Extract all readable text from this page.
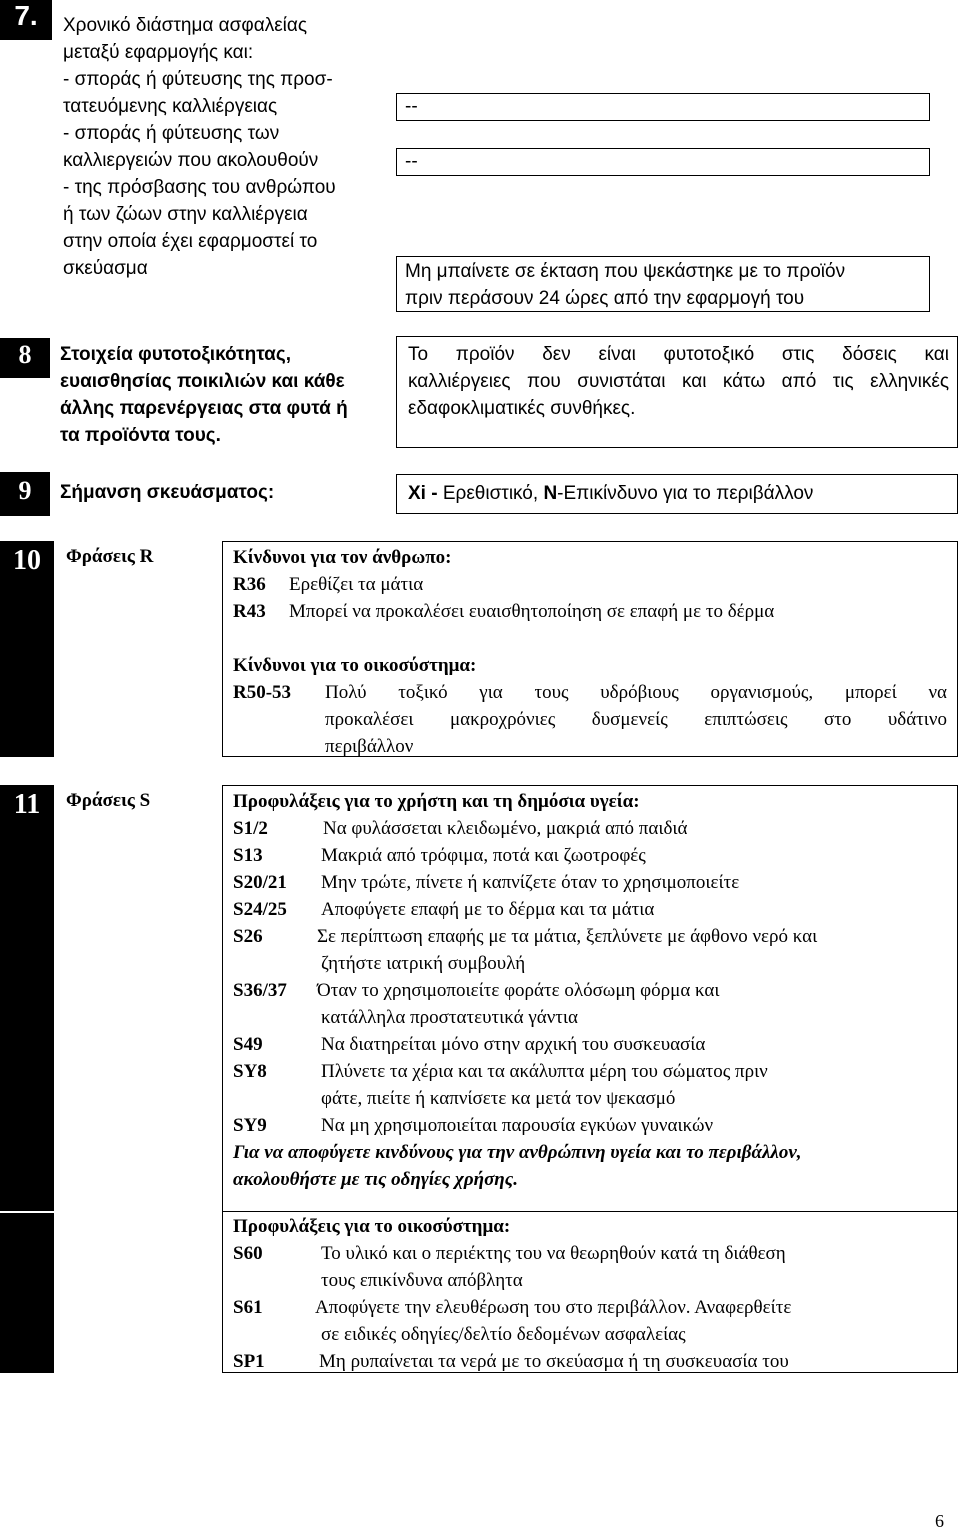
7. Χρονικό διάστημα ασφαλείας
μεταξύ εφαρμογής και:
- σποράς ή φύτευσης της προσ-
τατευόμενης καλλιέργειας
- σποράς ή φύτευσης των
καλλιεργειών που ακολουθούν
- της πρόσβασης του ανθρώπου
ή των ζώων στην καλλιέργεια
στην οποία έχει εφαρμοστεί το
σκεύασμα
--
--
Μη μπαίνετε σε έκταση που ψεκάστηκε με το προϊόν
πριν περάσουν 24 ώρες από την εφαρμογή του
8 Στοιχεία φυτοτοξικότητας,
ευαισθησίας ποικιλιών και κάθε
άλλης παρενέργειας στα φυτά ή
τα προϊόντα τους.
Το προϊόν δεν είναι φυτοτοξικό στις δόσεις και
καλλιέργειες που συνιστάται και κάτω από τις ελληνικές
εδαφοκλιματικές συνθήκες.
9 Σήμανση σκευάσματος:	Xi - Ερεθιστικό, N-Επικίνδυνο για το περιβάλλον
10 Φράσεις R	Κίνδυνοι για τον άνθρωπο:
R36 Ερεθίζει τα μάτια
R43 Μπορεί να προκαλέσει ευαισθητοποίηση σε επαφή με το δέρμα
Κίνδυνοι για το οικοσύστημα:
R50-53 Πολύ τοξικό για τους υδρόβιους οργανισμούς, μπορεί να
προκαλέσει μακροχρόνιες δυσμενείς επιπτώσεις στο υδάτινο
περιβάλλον
11 Φράσεις S	Προφυλάξεις για το χρήστη και τη δημόσια υγεία:
S1/2	Να φυλάσσεται κλειδωμένο, μακριά από παιδιά
S13	Μακριά από τρόφιμα, ποτά και ζωοτροφές
S20/21 Μην τρώτε, πίνετε ή καπνίζετε όταν το χρησιμοποιείτε
S24/25 Αποφύγετε επαφή με το δέρμα και τα μάτια
S26	Σε περίπτωση επαφής με τα μάτια, ξεπλύνετε με άφθονο νερό και
ζητήστε ιατρική συμβουλή
S36/37 Όταν το χρησιμοποιείτε φοράτε ολόσωμη φόρμα και
κατάλληλα προστατευτικά γάντια
S49	Να διατηρείται μόνο στην αρχική του συσκευασία
SY8	Πλύνετε τα χέρια και τα ακάλυπτα μέρη του σώματος πριν
φάτε, πιείτε ή καπνίσετε κα μετά τον ψεκασμό
SY9	Να μη χρησιμοποιείται παρουσία εγκύων γυναικών
Για να αποφύγετε κινδύνους για την ανθρώπινη υγεία και το περιβάλλον,
ακολουθήστε με τις οδηγίες χρήσης.
Προφυλάξεις για το οικοσύστημα:
S60	Το υλικό και ο περιέκτης του να θεωρηθούν κατά τη διάθεση
τους επικίνδυνα απόβλητα
S61	Αποφύγετε την ελευθέρωση του στο περιβάλλον. Αναφερθείτε
σε ειδικές οδηγίες/δελτίο δεδομένων ασφαλείας
SP1	Μη ρυπαίνεται τα νερά με το σκεύασμα ή τη συσκευασία του
6
